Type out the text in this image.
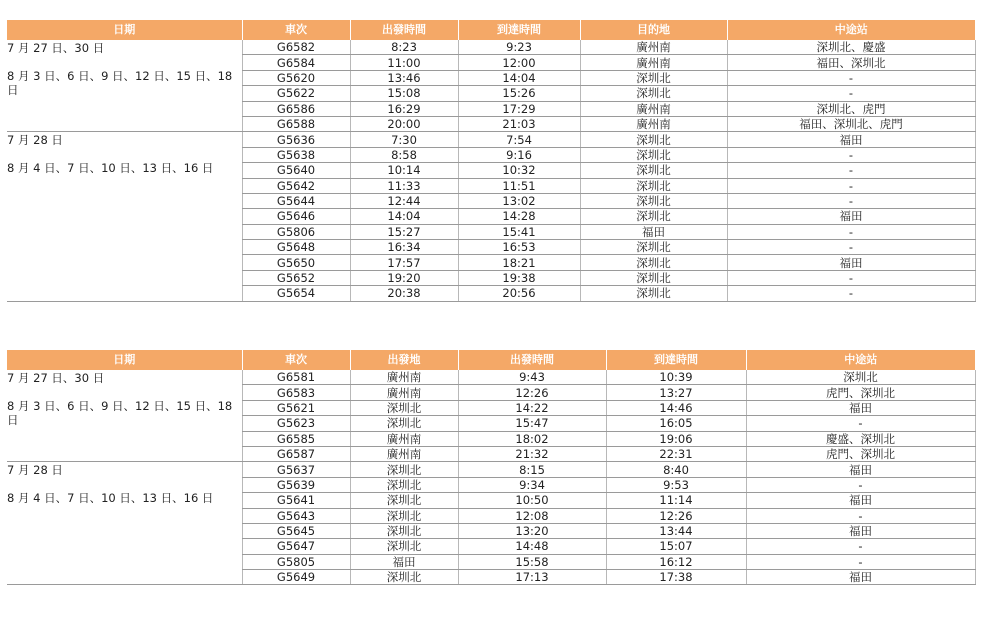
日期	車次	出發時間	到達時間	目的地	中途站

7 月 27 日、30 日
8 月 3 日、6 日、9 日、12 日、15 日、18 日	G6582	8:23	9:23	廣州南	深圳北、慶盛
	G6584	11:00	12:00	廣州南	福田、深圳北
	G5620	13:46	14:04	深圳北	-
	G5622	15:08	15:26	深圳北	-
	G6586	16:29	17:29	廣州南	深圳北、虎門
	G6588	20:00	21:03	廣州南	福田、深圳北、虎門

7 月 28 日
8 月 4 日、7 日、10 日、13 日、16 日	G5636	7:30	7:54	深圳北	福田
	G5638	8:58	9:16	深圳北	-
	G5640	10:14	10:32	深圳北	-
	G5642	11:33	11:51	深圳北	-
	G5644	12:44	13:02	深圳北	-
	G5646	14:04	14:28	深圳北	福田
	G5806	15:27	15:41	福田	-
	G5648	16:34	16:53	深圳北	-
	G5650	17:57	18:21	深圳北	福田
	G5652	19:20	19:38	深圳北	-
	G5654	20:38	20:56	深圳北	-
日期	車次	出發地	出發時間	到達時間	中途站

7 月 27 日、30 日
8 月 3 日、6 日、9 日、12 日、15 日、18 日	G6581	廣州南	9:43	10:39	深圳北
	G6583	廣州南	12:26	13:27	虎門、深圳北
	G5621	深圳北	14:22	14:46	福田
	G5623	深圳北	15:47	16:05	-
	G6585	廣州南	18:02	19:06	慶盛、深圳北
	G6587	廣州南	21:32	22:31	虎門、深圳北

7 月 28 日
8 月 4 日、7 日、10 日、13 日、16 日	G5637	深圳北	8:15	8:40	福田
	G5639	深圳北	9:34	9:53	-
	G5641	深圳北	10:50	11:14	福田
	G5643	深圳北	12:08	12:26	-
	G5645	深圳北	13:20	13:44	福田
	G5647	深圳北	14:48	15:07	-
	G5805	福田	15:58	16:12	-
	G5649	深圳北	17:13	17:38	福田
